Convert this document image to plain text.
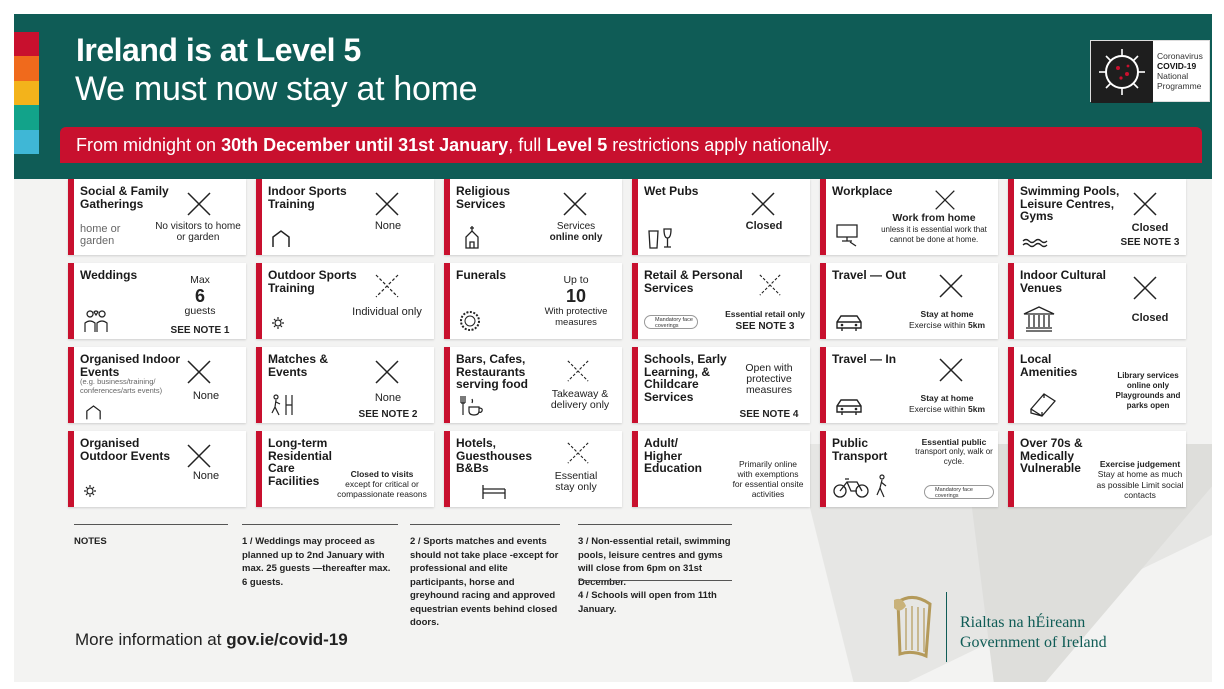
Ireland is at Level 5
We must now stay at home
Coronavirus
COVID-19
National
Programme
From midnight on 30th December until 31st January, full Level 5 restrictions apply nationally.
Social & Family Gatherings
home or garden
No visitors to home or garden
Indoor Sports Training
None
Religious Services
Services
online only
Wet Pubs
Closed
Workplace
Work from home
unless it is essential work that cannot be done at home.
Swimming Pools, Leisure Centres, Gyms
Closed
SEE NOTE 3
Weddings	Max
6
guests
SEE NOTE 1
Outdoor Sports Training
Individual only
Funerals	Up to
10
With protective measures
Retail & Personal Services
Mandatory face coverings
Essential retail only
SEE NOTE 3
Travel — Out
Stay at home
Exercise within 5km
Indoor Cultural Venues
Closed
Organised Indoor Events
(e.g. business/training/ conferences/arts events)	None
Matches & Events
None
SEE NOTE 2
Bars, Cafes, Restaurants serving food
Takeaway & delivery only
Schools, Early Learning, & Childcare Services
Open with protective measures
SEE NOTE 4
Travel — In
Stay at home
Exercise within 5km
Local Amenities	Library services online only Playgrounds and parks open
Organised Outdoor Events
None
Long-term Residential Care Facilities	Closed to visits
except for critical or compassionate reasons
Hotels, Guesthouses B&Bs
Essential stay only
Adult/ Higher Education	Primarily online with exemptions for essential onsite activities
Public Transport
Essential public
transport only, walk or cycle.
Mandatory face coverings
Over 70s & Medically Vulnerable	Exercise judgement
Stay at home as much as possible Limit social contacts
NOTES	1 / Weddings may proceed as planned up to 2nd January with max. 25 guests —thereafter max. 6 guests.
2 / Sports matches and events should not take place -except for professional and elite participants, horse and greyhound racing and approved equestrian events behind closed doors.
3 / Non-essential retail, swimming pools, leisure centres and gyms will close from 6pm on 31st December.
4 / Schools will open from 11th January.
More information at gov.ie/covid-19
Rialtas na hÉireann
Government of Ireland
